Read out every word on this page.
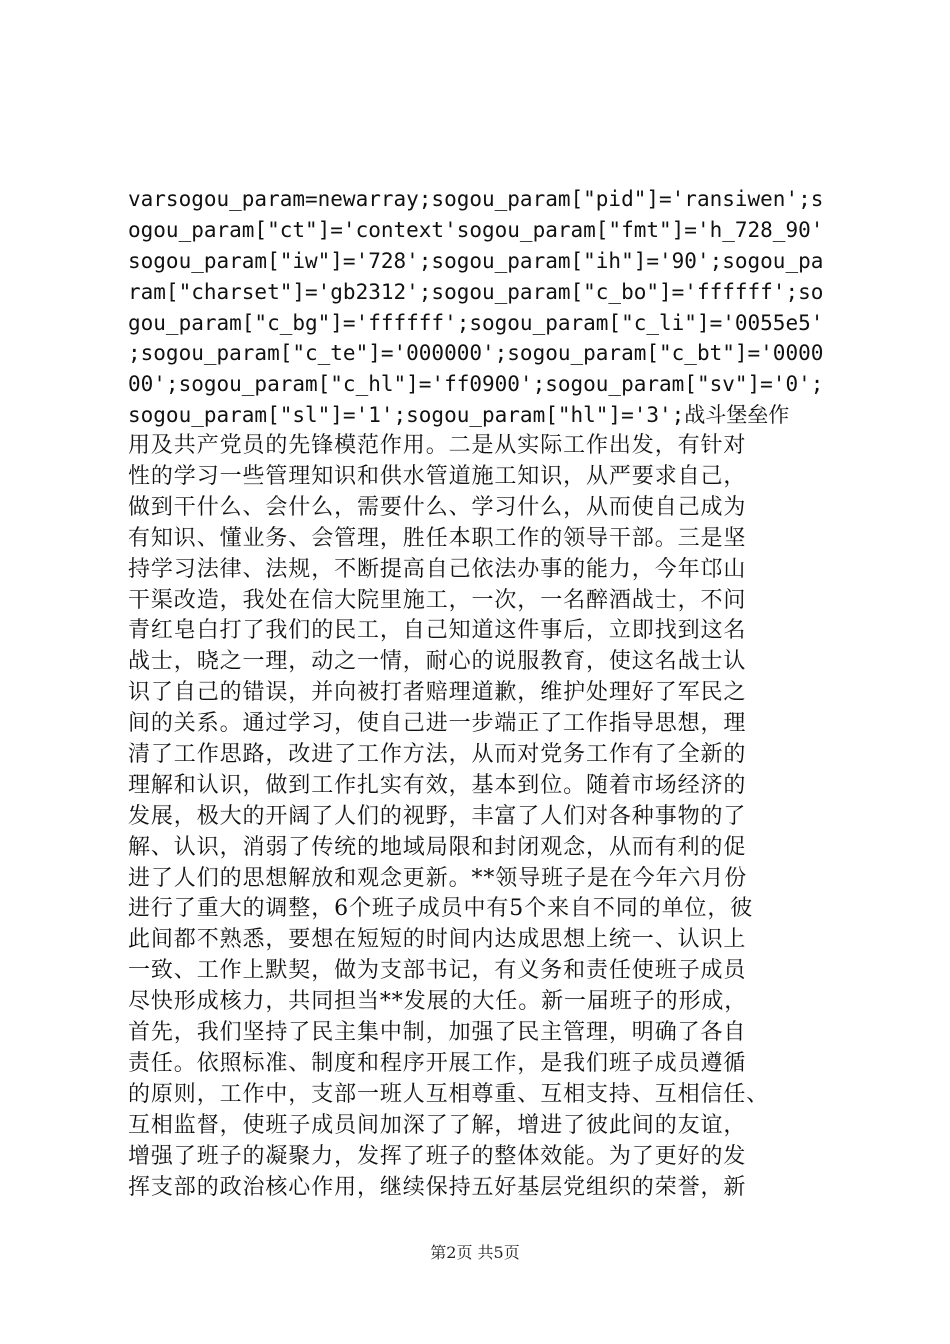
varsogou_param=newarray;sogou_param["pid"]='ransiwen';s
ogou_param["ct"]='context'sogou_param["fmt"]='h_728_90'
sogou_param["iw"]='728';sogou_param["ih"]='90';sogou_pa
ram["charset"]='gb2312';sogou_param["c_bo"]='ffffff';so
gou_param["c_bg"]='ffffff';sogou_param["c_li"]='0055e5'
;sogou_param["c_te"]='000000';sogou_param["c_bt"]='0000
00';sogou_param["c_hl"]='ff0900';sogou_param["sv"]='0';
sogou_param["sl"]='1';sogou_param["hl"]='3';战斗堡垒作
用及共产党员的先锋模范作用。二是从实际工作出发，有针对
性的学习一些管理知识和供水管道施工知识，从严要求自己，
做到干什么、会什么，需要什么、学习什么，从而使自己成为
有知识、懂业务、会管理，胜任本职工作的领导干部。三是坚
持学习法律、法规，不断提高自己依法办事的能力，今年邙山
干渠改造，我处在信大院里施工，一次，一名醉酒战士，不问
青红皂白打了我们的民工，自己知道这件事后，立即找到这名
战士，晓之一理，动之一情，耐心的说服教育，使这名战士认
识了自己的错误，并向被打者赔理道歉，维护处理好了军民之
间的关系。通过学习，使自己进一步端正了工作指导思想，理
清了工作思路，改进了工作方法，从而对党务工作有了全新的
理解和认识，做到工作扎实有效，基本到位。随着市场经济的
发展，极大的开阔了人们的视野，丰富了人们对各种事物的了
解、认识，消弱了传统的地域局限和封闭观念，从而有利的促
进了人们的思想解放和观念更新。**领导班子是在今年六月份
进行了重大的调整，6个班子成员中有5个来自不同的单位，彼
此间都不熟悉，要想在短短的时间内达成思想上统一、认识上
一致、工作上默契，做为支部书记，有义务和责任使班子成员
尽快形成核力，共同担当**发展的大任。新一届班子的形成，
首先，我们坚持了民主集中制，加强了民主管理，明确了各自
责任。依照标准、制度和程序开展工作，是我们班子成员遵循
的原则，工作中，支部一班人互相尊重、互相支持、互相信任、
互相监督，使班子成员间加深了了解，增进了彼此间的友谊，
增强了班子的凝聚力，发挥了班子的整体效能。为了更好的发
挥支部的政治核心作用，继续保持五好基层党组织的荣誉，新
第2页 共5页
